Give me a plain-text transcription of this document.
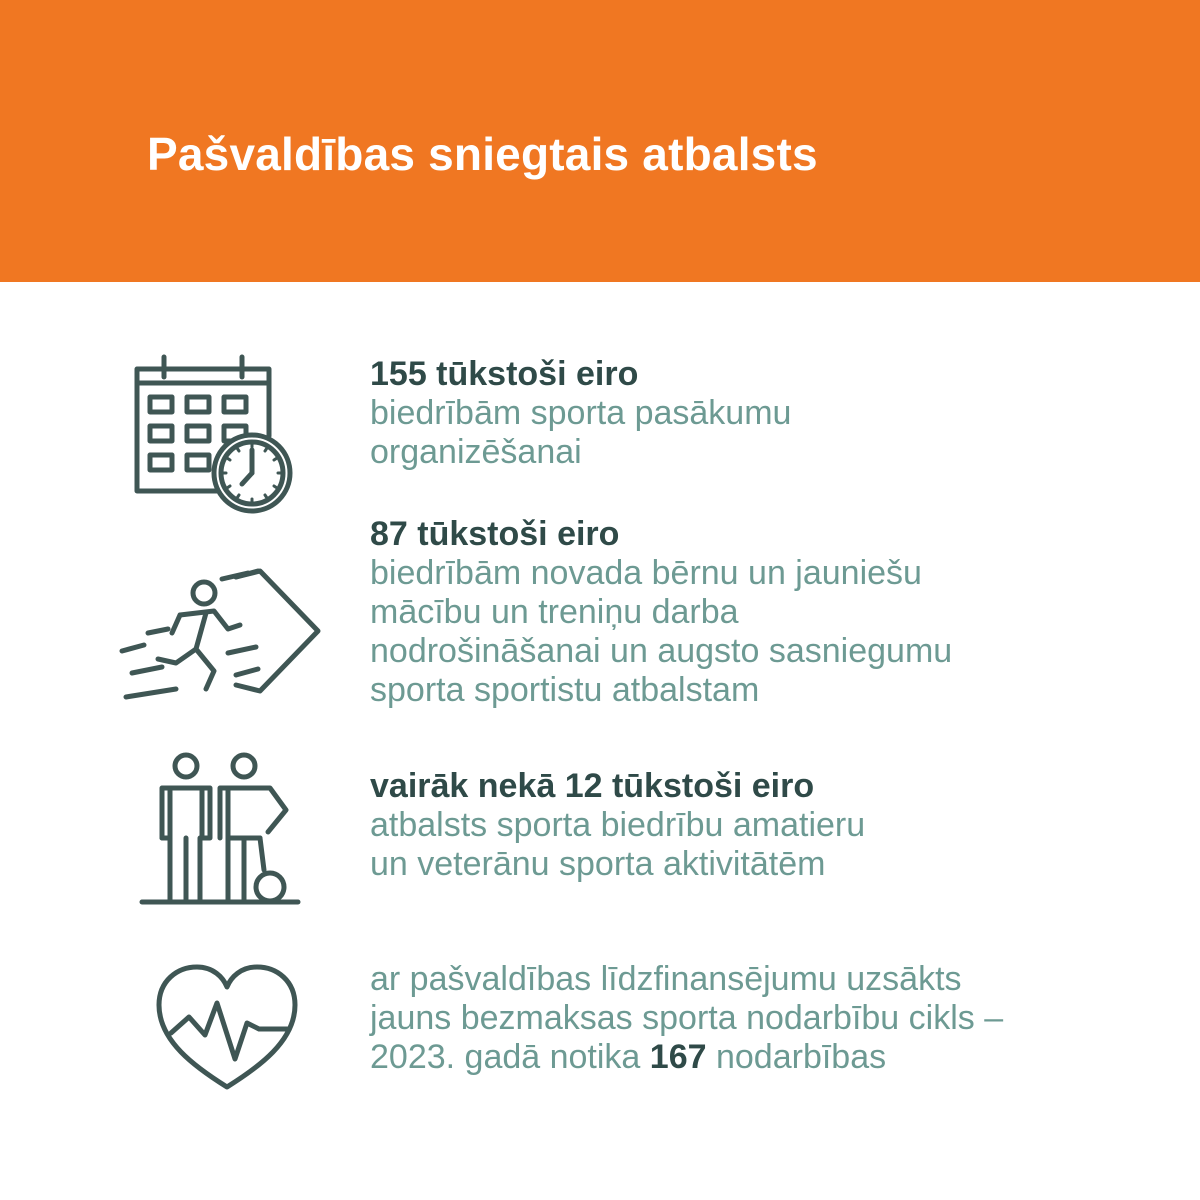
Pašvaldības sniegtais atbalsts
155 tūkstoši eiro
biedrībām sporta pasākumu
organizēšanai
87 tūkstoši eiro
biedrībām novada bērnu un jauniešu
mācību un treniņu darba
nodrošināšanai un augsto sasniegumu
sporta sportistu atbalstam
vairāk nekā 12 tūkstoši eiro
atbalsts sporta biedrību amatieru
un veterānu sporta aktivitātēm
ar pašvaldības līdzfinansējumu uzsākts
jauns bezmaksas sporta nodarbību cikls –
2023. gadā notika 167 nodarbības
